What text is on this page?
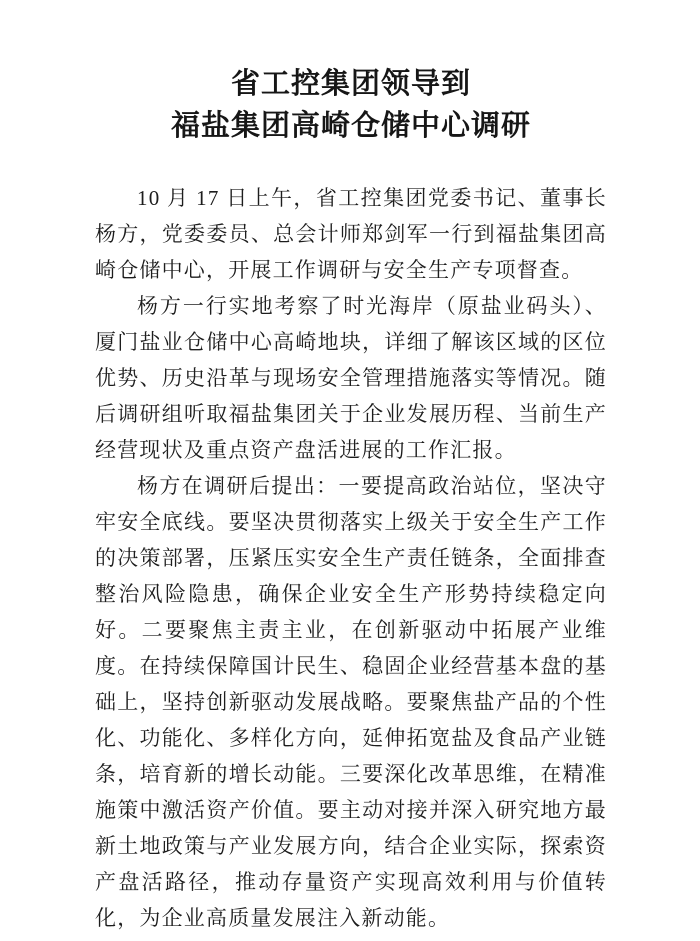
省工控集团领导到
福盐集团高崎仓储中心调研

10 月 17 日上午，省工控集团党委书记、董事长杨方，党委委员、总会计师郑剑军一行到福盐集团高崎仓储中心，开展工作调研与安全生产专项督查。

杨方一行实地考察了时光海岸（原盐业码头）、厦门盐业仓储中心高崎地块，详细了解该区域的区位优势、历史沿革与现场安全管理措施落实等情况。随后调研组听取福盐集团关于企业发展历程、当前生产经营现状及重点资产盘活进展的工作汇报。

杨方在调研后提出：一要提高政治站位，坚决守牢安全底线。要坚决贯彻落实上级关于安全生产工作的决策部署，压紧压实安全生产责任链条，全面排查整治风险隐患，确保企业安全生产形势持续稳定向好。二要聚焦主责主业，在创新驱动中拓展产业维度。在持续保障国计民生、稳固企业经营基本盘的基础上，坚持创新驱动发展战略。要聚焦盐产品的个性化、功能化、多样化方向，延伸拓宽盐及食品产业链条，培育新的增长动能。三要深化改革思维，在精准施策中激活资产价值。要主动对接并深入研究地方最新土地政策与产业发展方向，结合企业实际，探索资产盘活路径，推动存量资产实现高效利用与价值转化，为企业高质量发展注入新动能。
